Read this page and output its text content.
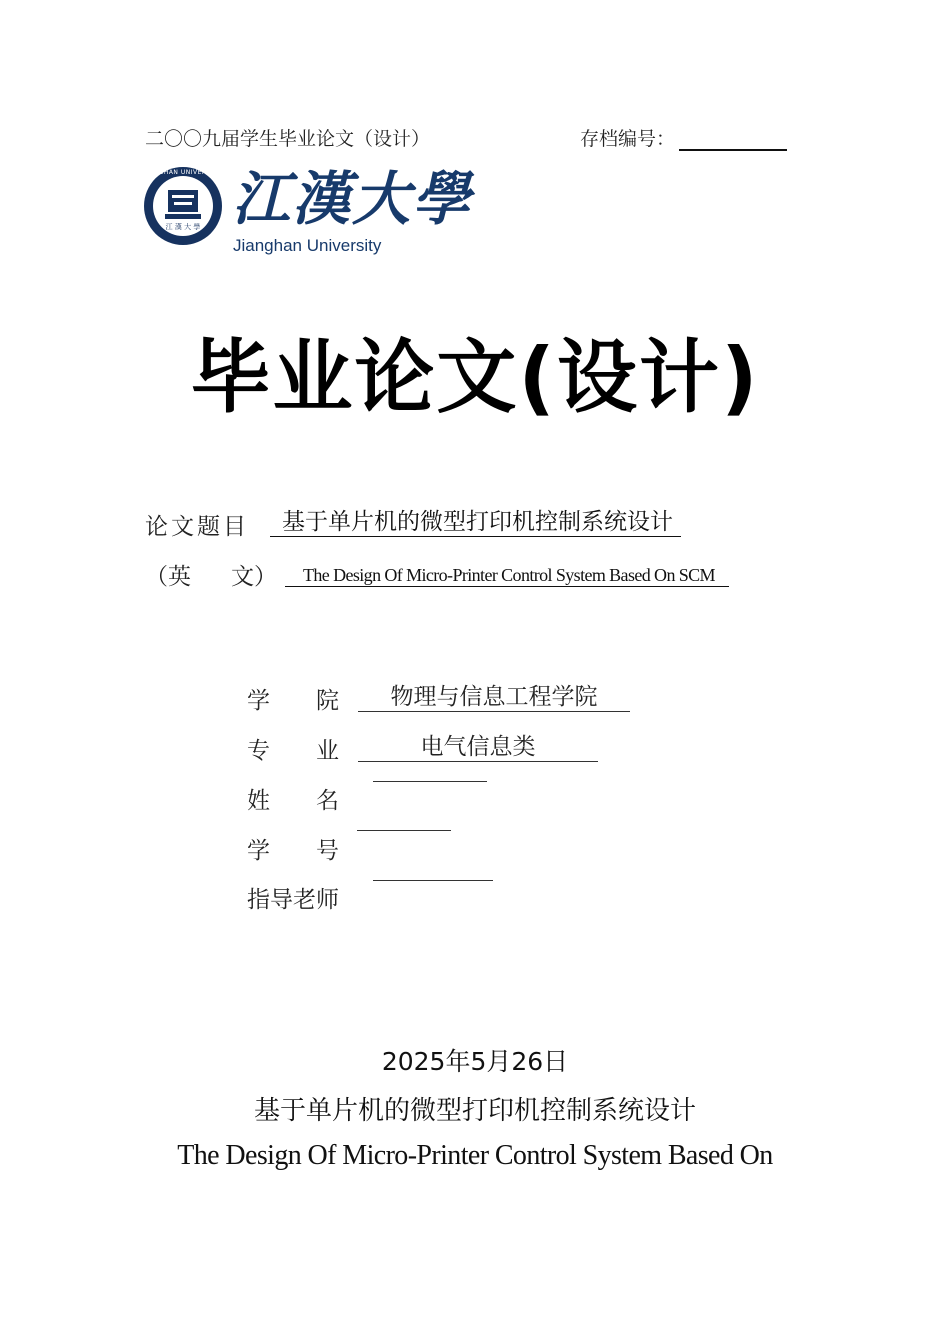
二〇〇九届学生毕业论文（设计）	存档编号：
JIANGHAN UNIVERSITY
江 漢 大 學 江漢大學
Jianghan University
毕业论文(设计)
论文题目	基于单片机的微型打印机控制系统设计
（英 文）	The Design Of Micro-Printer Control System Based On SCM
学　　院	物理与信息工程学院
专　　业	电气信息类
姓　　名
学　　号
指导老师
2025年5月26日
基于单片机的微型打印机控制系统设计
The Design Of Micro-Printer Control System Based On
